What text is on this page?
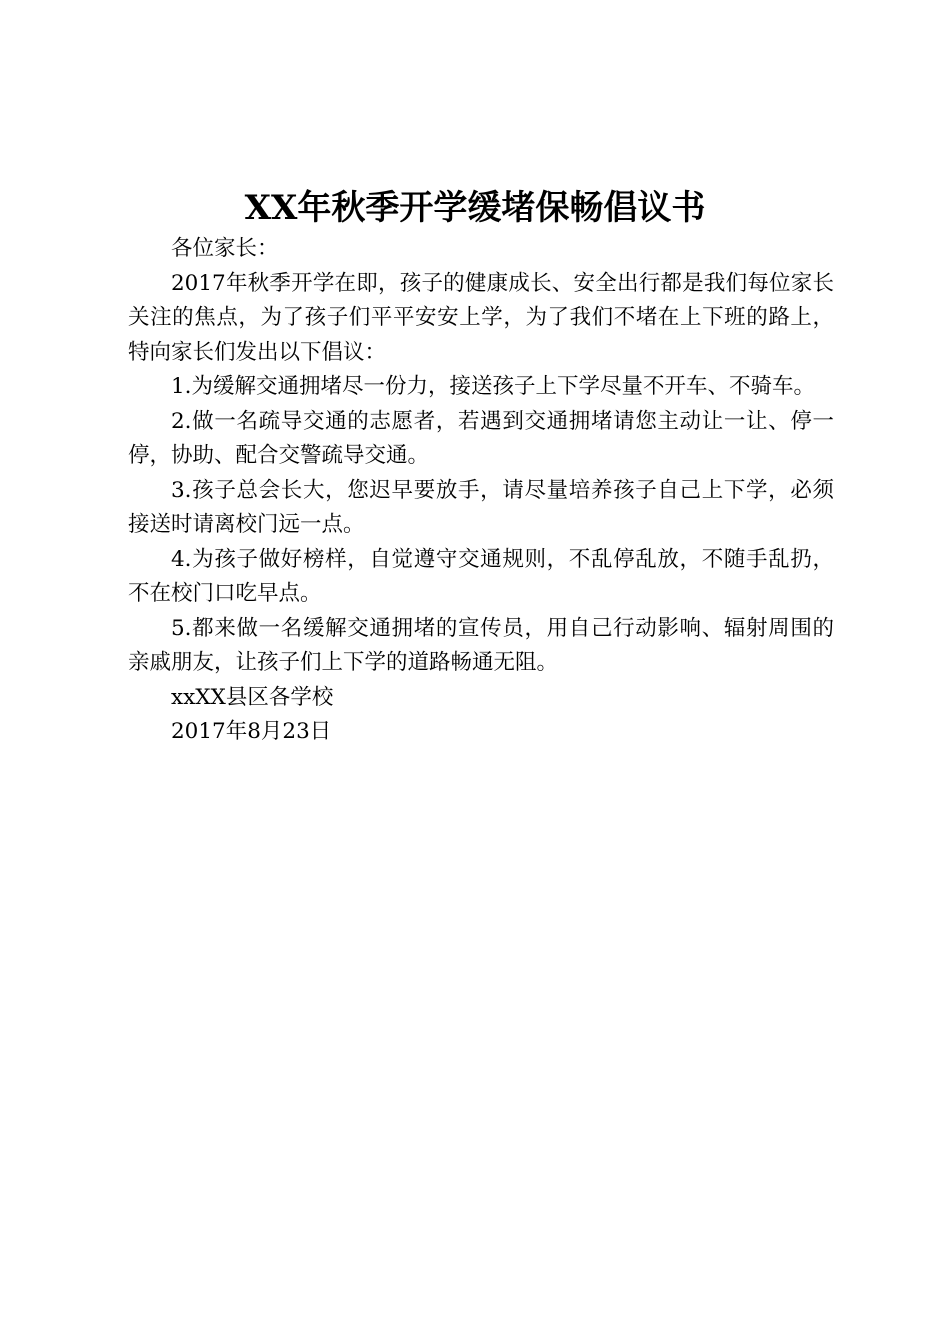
XX年秋季开学缓堵保畅倡议书

各位家长：

2017年秋季开学在即，孩子的健康成长、安全出行都是我们每位家长关注的焦点，为了孩子们平平安安上学，为了我们不堵在上下班的路上，特向家长们发出以下倡议：

1.为缓解交通拥堵尽一份力，接送孩子上下学尽量不开车、不骑车。

2.做一名疏导交通的志愿者，若遇到交通拥堵请您主动让一让、停一停，协助、配合交警疏导交通。

3.孩子总会长大，您迟早要放手，请尽量培养孩子自己上下学，必须接送时请离校门远一点。

4.为孩子做好榜样，自觉遵守交通规则，不乱停乱放，不随手乱扔，不在校门口吃早点。

5.都来做一名缓解交通拥堵的宣传员，用自己行动影响、辐射周围的亲戚朋友，让孩子们上下学的道路畅通无阻。

xxXX县区各学校

2017年8月23日
